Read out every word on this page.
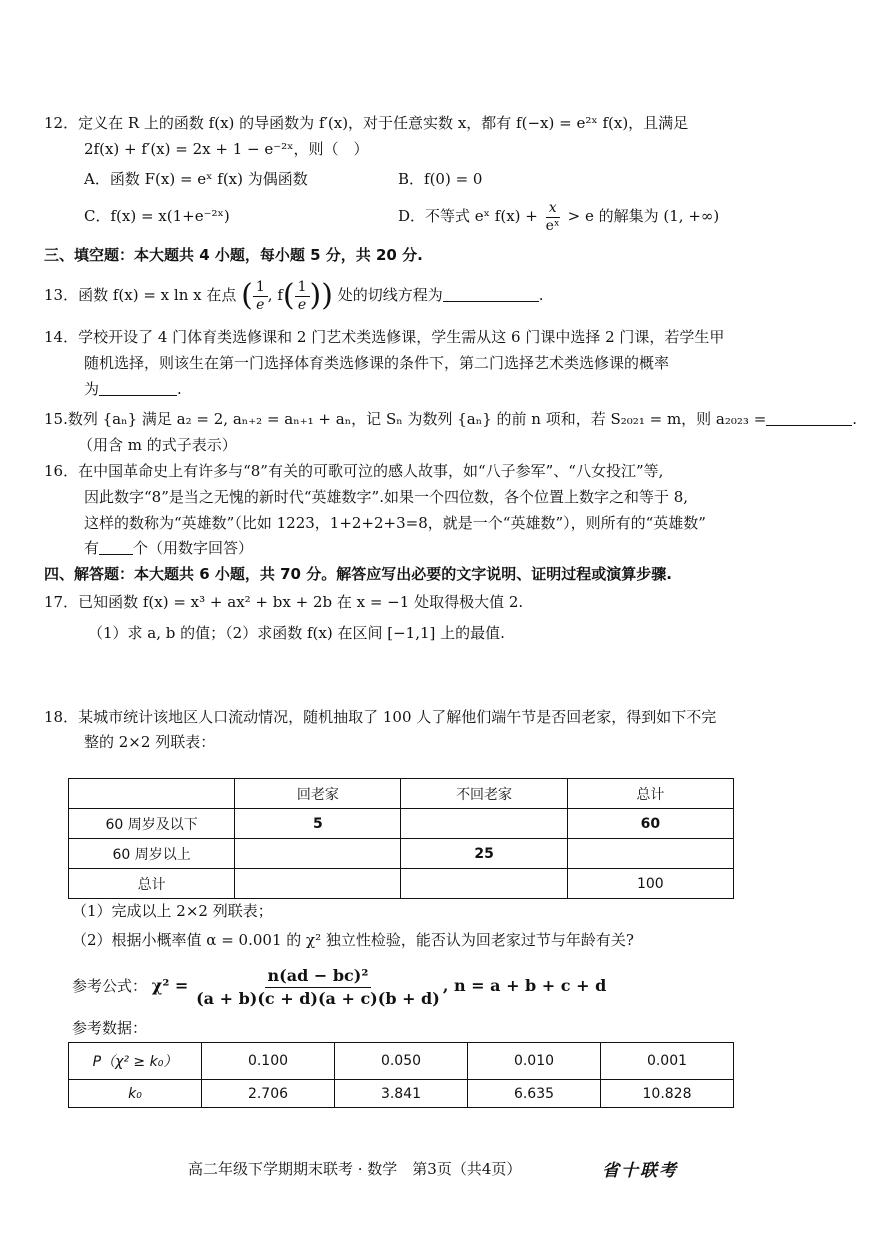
12．定义在 R 上的函数 f(x) 的导函数为 f′(x)，对于任意实数 x，都有 f(−x) = e²ˣ f(x)，且满足
2f(x) + f′(x) = 2x + 1 − e⁻²ˣ，则（　）
A．函数 F(x) = eˣ f(x) 为偶函数	B．f(0) = 0
C．f(x) = x(1+e⁻²ˣ)	D．不等式 eˣ $f(x) + \frac{x}{\text{eˣ}} > e$ 的解集为 (1, +∞)
三、填空题：本大题共 4 小题，每小题 5 分，共 20 分.
13．函数 f(x) = x ln x 在点 ( $\frac{1}{e}$ , $f( \frac{1}{e}$ )) 处的切线方程为	.
14．学校开设了 4 门体育类选修课和 2 门艺术类选修课，学生需从这 6 门课中选择 2 门课，若学生甲
随机选择，则该生在第一门选择体育类选修课的条件下，第二门选择艺术类选修课的概率
为	.
15.数列 {aₙ} 满足 a₂ = 2, aₙ₊₂ = aₙ₊₁ + aₙ，记 Sₙ 为数列 {aₙ} 的前 n 项和，若 S₂₀₂₁ = m，则 a₂₀₂₃ =	.
（用含 m 的式子表示）
16．在中国革命史上有许多与“8”有关的可歌可泣的感人故事，如“八子参军”、“八女投江”等,
因此数字“8”是当之无愧的新时代“英雄数字”.如果一个四位数，各个位置上数字之和等于 8,
这样的数称为“英雄数”（比如 1223，1+2+2+3=8，就是一个“英雄数”），则所有的“英雄数”
有 个（用数字回答）
四、解答题：本大题共 6 小题，共 70 分。解答应写出必要的文字说明、证明过程或演算步骤.
17．已知函数 f(x) = x³ + ax² + bx + 2b 在 x = −1 处取得极大值 2.
（1）求 a, b 的值；（2）求函数 f(x) 在区间 [−1,1] 上的最值.
18．某城市统计该地区人口流动情况，随机抽取了 100 人了解他们端午节是否回老家，得到如下不完
整的 2×2 列联表：
	回老家	不回老家	总计
60 周岁及以下	5		60
60 周岁以上		25	
总计			100
（1）完成以上 2×2 列联表；
（2）根据小概率值 α = 0.001 的 χ² 独立性检验，能否认为回老家过节与年龄有关?
参考公式： $\chi^2 = \frac{\text{n(ad − bc)²}}{(a + b)(c + d)(a + c)(b + d)}$ , n = a + b + c + d
参考数据：
P（χ² ≥ k₀）	0.100	0.050	0.010	0.001
k₀	2.706	3.841	6.635	10.828
高二年级下学期期末联考 · 数学　第3页（共4页）	省十联考
